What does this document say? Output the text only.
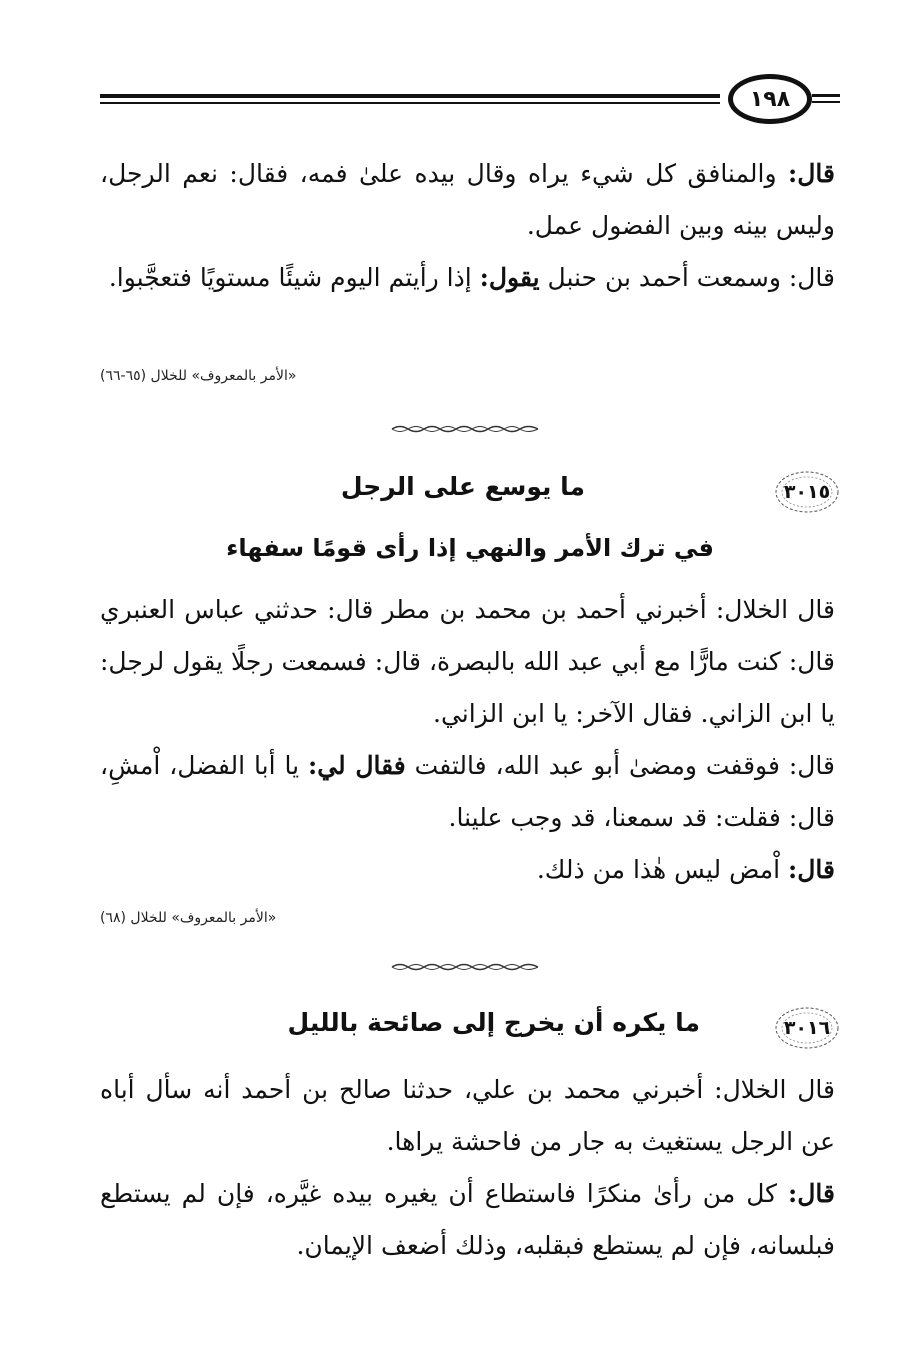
١٩٨

قال: والمنافق كل شيء يراه وقال بيده علىٰ فمه، فقال: نعم الرجل، وليس بينه وبين الفضول عمل.

قال: وسمعت أحمد بن حنبل يقول: إذا رأيتم اليوم شيئًا مستويًا فتعجَّبوا.

«الأمر بالمعروف» للخلال (٦٥-٦٦)
٣٠١٥
ما يوسع على الرجل
في ترك الأمر والنهي إذا رأى قومًا سفهاء

قال الخلال: أخبرني أحمد بن محمد بن مطر قال: حدثني عباس العنبري قال: كنت مارًّا مع أبي عبد الله بالبصرة، قال: فسمعت رجلًا يقول لرجل: يا ابن الزاني. فقال الآخر: يا ابن الزاني.

قال: فوقفت ومضىٰ أبو عبد الله، فالتفت فقال لي: يا أبا الفضل، اْمشِ، قال: فقلت: قد سمعنا، قد وجب علينا.

قال: اْمض ليس هٰذا من ذلك.

«الأمر بالمعروف» للخلال (٦٨)
٣٠١٦
ما يكره أن يخرج إلى صائحة بالليل

قال الخلال: أخبرني محمد بن علي، حدثنا صالح بن أحمد أنه سأل أباه عن الرجل يستغيث به جار من فاحشة يراها.

قال: كل من رأىٰ منكرًا فاستطاع أن يغيره بيده غيَّره، فإن لم يستطع فبلسانه، فإن لم يستطع فبقلبه، وذلك أضعف الإيمان.
